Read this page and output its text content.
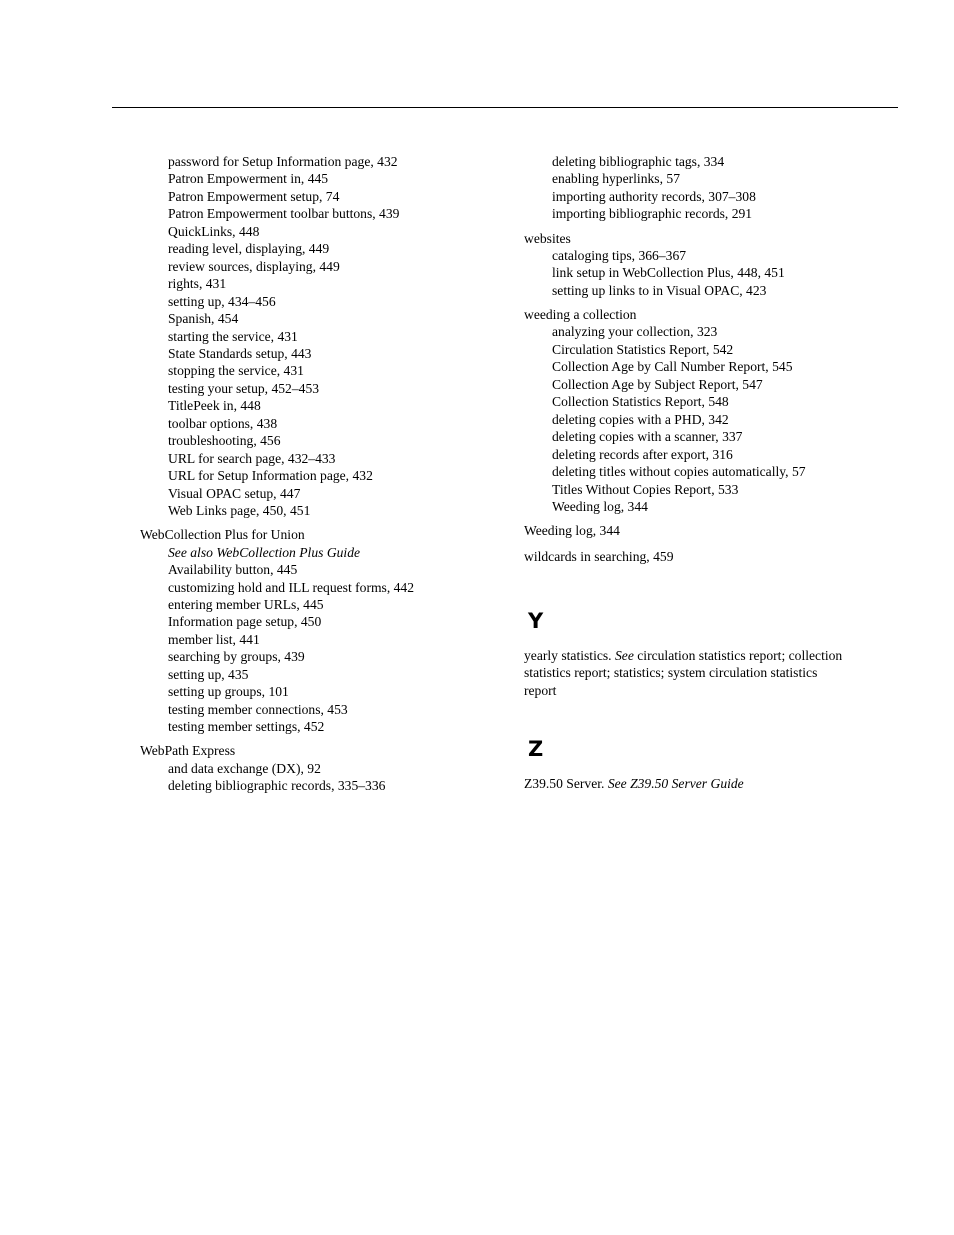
password for Setup Information page, 432
Patron Empowerment in, 445
Patron Empowerment setup, 74
Patron Empowerment toolbar buttons, 439
QuickLinks, 448
reading level, displaying, 449
review sources, displaying, 449
rights, 431
setting up, 434–456
Spanish, 454
starting the service, 431
State Standards setup, 443
stopping the service, 431
testing your setup, 452–453
TitlePeek in, 448
toolbar options, 438
troubleshooting, 456
URL for search page, 432–433
URL for Setup Information page, 432
Visual OPAC setup, 447
Web Links page, 450, 451
WebCollection Plus for Union
See also WebCollection Plus Guide
Availability button, 445
customizing hold and ILL request forms, 442
entering member URLs, 445
Information page setup, 450
member list, 441
searching by groups, 439
setting up, 435
setting up groups, 101
testing member connections, 453
testing member settings, 452
WebPath Express
and data exchange (DX), 92
deleting bibliographic records, 335–336
deleting bibliographic tags, 334
enabling hyperlinks, 57
importing authority records, 307–308
importing bibliographic records, 291
websites
cataloging tips, 366–367
link setup in WebCollection Plus, 448, 451
setting up links to in Visual OPAC, 423
weeding a collection
analyzing your collection, 323
Circulation Statistics Report, 542
Collection Age by Call Number Report, 545
Collection Age by Subject Report, 547
Collection Statistics Report, 548
deleting copies with a PHD, 342
deleting copies with a scanner, 337
deleting records after export, 316
deleting titles without copies automatically, 57
Titles Without Copies Report, 533
Weeding log, 344
Weeding log, 344
wildcards in searching, 459
Y
yearly statistics. See circulation statistics report; collection statistics report; statistics; system circulation statistics report
Z
Z39.50 Server. See Z39.50 Server Guide
